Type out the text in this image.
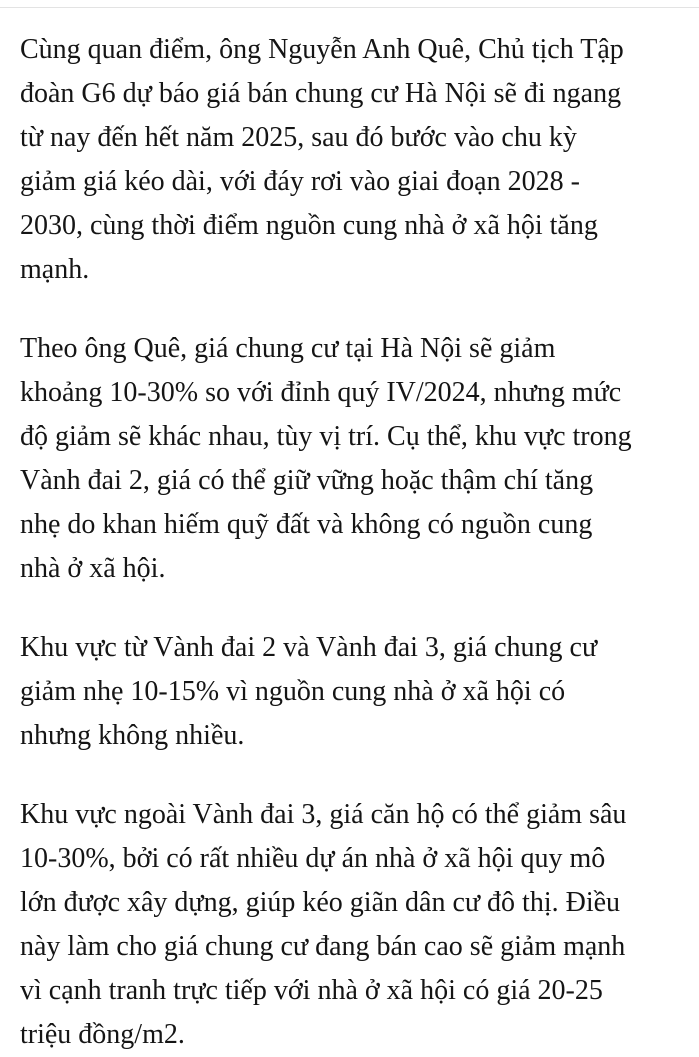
Cùng quan điểm, ông Nguyễn Anh Quê, Chủ tịch Tập
đoàn G6 dự báo giá bán chung cư Hà Nội sẽ đi ngang
từ nay đến hết năm 2025, sau đó bước vào chu kỳ
giảm giá kéo dài, với đáy rơi vào giai đoạn 2028 -
2030, cùng thời điểm nguồn cung nhà ở xã hội tăng
mạnh.

Theo ông Quê, giá chung cư tại Hà Nội sẽ giảm
khoảng 10-30% so với đỉnh quý IV/2024, nhưng mức
độ giảm sẽ khác nhau, tùy vị trí. Cụ thể, khu vực trong
Vành đai 2, giá có thể giữ vững hoặc thậm chí tăng
nhẹ do khan hiếm quỹ đất và không có nguồn cung
nhà ở xã hội.

Khu vực từ Vành đai 2 và Vành đai 3, giá chung cư
giảm nhẹ 10-15% vì nguồn cung nhà ở xã hội có
nhưng không nhiều.

Khu vực ngoài Vành đai 3, giá căn hộ có thể giảm sâu
10-30%, bởi có rất nhiều dự án nhà ở xã hội quy mô
lớn được xây dựng, giúp kéo giãn dân cư đô thị. Điều
này làm cho giá chung cư đang bán cao sẽ giảm mạnh
vì cạnh tranh trực tiếp với nhà ở xã hội có giá 20-25
triệu đồng/m2.
